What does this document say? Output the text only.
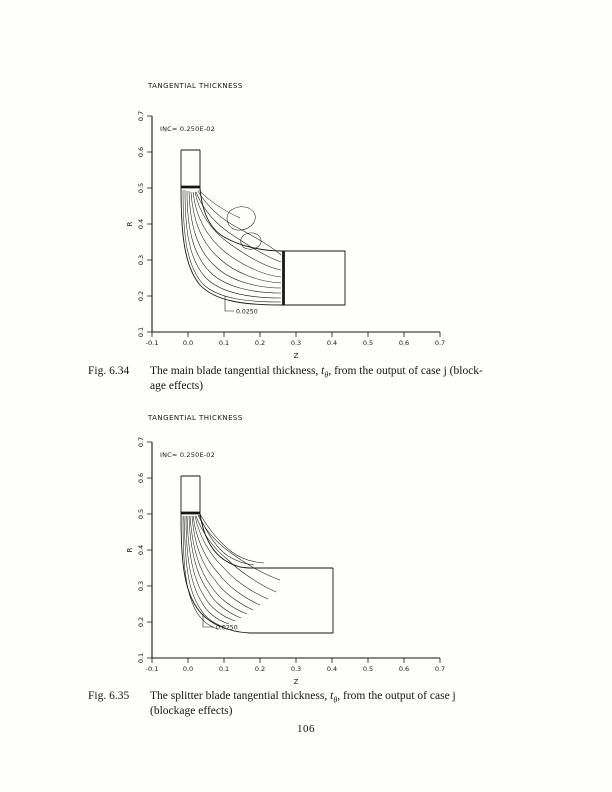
TANGENTIAL THICKNESS
-0.1	0.0	0.1	0.2	0.3	0.4	0.5	0.6	0.7
0.1
0.2
0.3
0.4
0.5
0.6
0.7
R
Z
INC= 0.250E-02
0.0250
Fig. 6.34	The main blade tangential thickness, $t_\theta$, from the output of case j (block-
age effects)
TANGENTIAL THICKNESS
-0.1	0.0	0.1	0.2	0.3	0.4	0.5	0.6	0.7
0.1
0.2
0.3
0.4
0.5
0.6
0.7
R
Z
INC= 0.250E-02
0.0250
Fig. 6.35	The splitter blade tangential thickness, $t_\theta$, from the output of case j
(blockage effects)
106
